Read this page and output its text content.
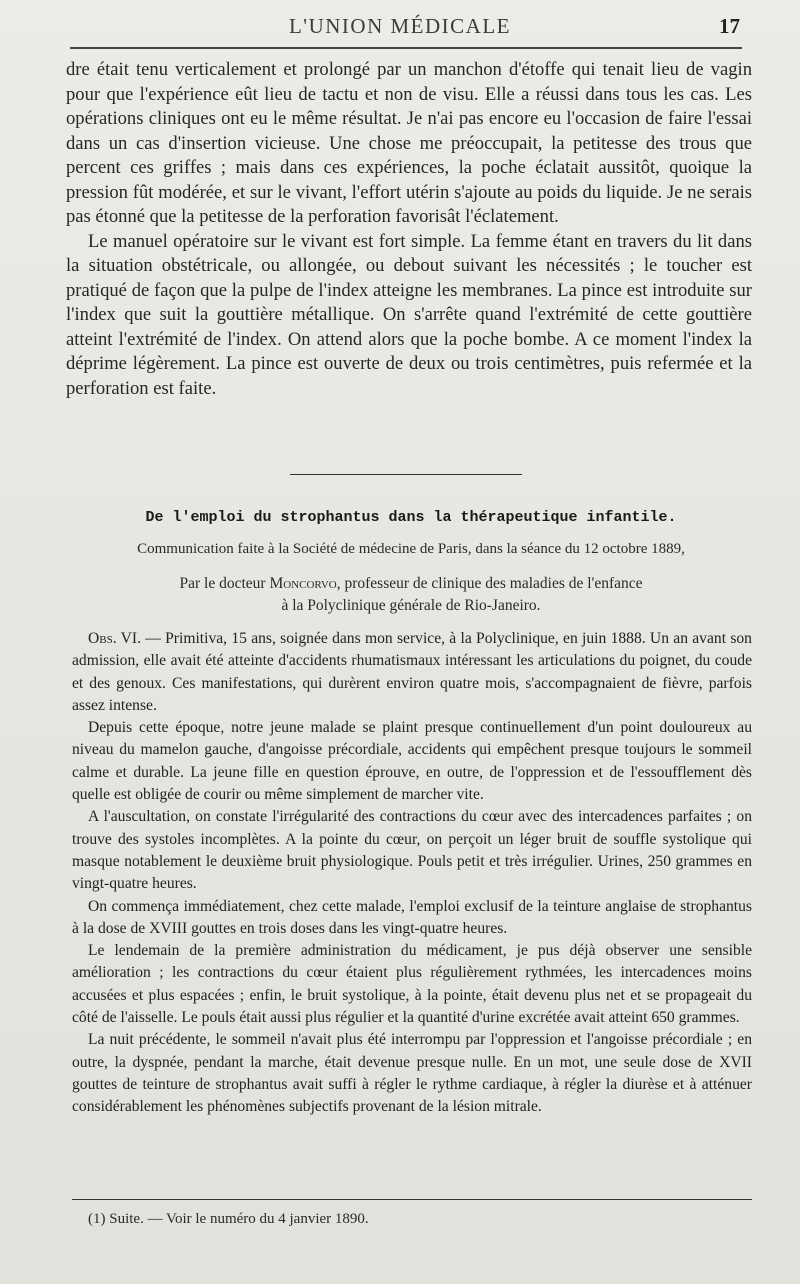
L'UNION MÉDICALE	17

dre était tenu verticalement et prolongé par un manchon d'étoffe qui tenait lieu de vagin pour que l'expérience eût lieu de tactu et non de visu. Elle a réussi dans tous les cas. Les opérations cliniques ont eu le même résultat. Je n'ai pas encore eu l'occasion de faire l'essai dans un cas d'insertion vicieuse. Une chose me préoccupait, la petitesse des trous que percent ces griffes ; mais dans ces expériences, la poche éclatait aussitôt, quoique la pression fût modérée, et sur le vivant, l'effort utérin s'ajoute au poids du liquide. Je ne serais pas étonné que la petitesse de la perforation favorisât l'éclatement.

Le manuel opératoire sur le vivant est fort simple. La femme étant en travers du lit dans la situation obstétricale, ou allongée, ou debout suivant les nécessités ; le toucher est pratiqué de façon que la pulpe de l'index atteigne les membranes. La pince est introduite sur l'index que suit la gouttière métallique. On s'arrête quand l'extrémité de cette gouttière atteint l'extrémité de l'index. On attend alors que la poche bombe. A ce moment l'index la déprime légèrement. La pince est ouverte de deux ou trois centimètres, puis refermée et la perforation est faite.

De l'emploi du strophantus dans la thérapeutique infantile.
Communication faite à la Société de médecine de Paris, dans la séance du 12 octobre 1889,
Par le docteur Moncorvo, professeur de clinique des maladies de l'enfance
à la Polyclinique générale de Rio-Janeiro.

Obs. VI. — Primitiva, 15 ans, soignée dans mon service, à la Polyclinique, en juin 1888. Un an avant son admission, elle avait été atteinte d'accidents rhumatismaux intéressant les articulations du poignet, du coude et des genoux. Ces manifestations, qui durèrent environ quatre mois, s'accompagnaient de fièvre, parfois assez intense.

Depuis cette époque, notre jeune malade se plaint presque continuellement d'un point douloureux au niveau du mamelon gauche, d'angoisse précordiale, accidents qui empêchent presque toujours le sommeil calme et durable. La jeune fille en question éprouve, en outre, de l'oppression et de l'essoufflement dès quelle est obligée de courir ou même simplement de marcher vite.

A l'auscultation, on constate l'irrégularité des contractions du cœur avec des intercadences parfaites ; on trouve des systoles incomplètes. A la pointe du cœur, on perçoit un léger bruit de souffle systolique qui masque notablement le deuxième bruit physiologique. Pouls petit et très irrégulier. Urines, 250 grammes en vingt-quatre heures.

On commença immédiatement, chez cette malade, l'emploi exclusif de la teinture anglaise de strophantus à la dose de XVIII gouttes en trois doses dans les vingt-quatre heures.

Le lendemain de la première administration du médicament, je pus déjà observer une sensible amélioration ; les contractions du cœur étaient plus régulièrement rythmées, les intercadences moins accusées et plus espacées ; enfin, le bruit systolique, à la pointe, était devenu plus net et se propageait du côté de l'aisselle. Le pouls était aussi plus régulier et la quantité d'urine excrétée avait atteint 650 grammes.

La nuit précédente, le sommeil n'avait plus été interrompu par l'oppression et l'angoisse précordiale ; en outre, la dyspnée, pendant la marche, était devenue presque nulle. En un mot, une seule dose de XVII gouttes de teinture de strophantus avait suffi à régler le rythme cardiaque, à régler la diurèse et à atténuer considérablement les phénomènes subjectifs provenant de la lésion mitrale.

(1) Suite. — Voir le numéro du 4 janvier 1890.
